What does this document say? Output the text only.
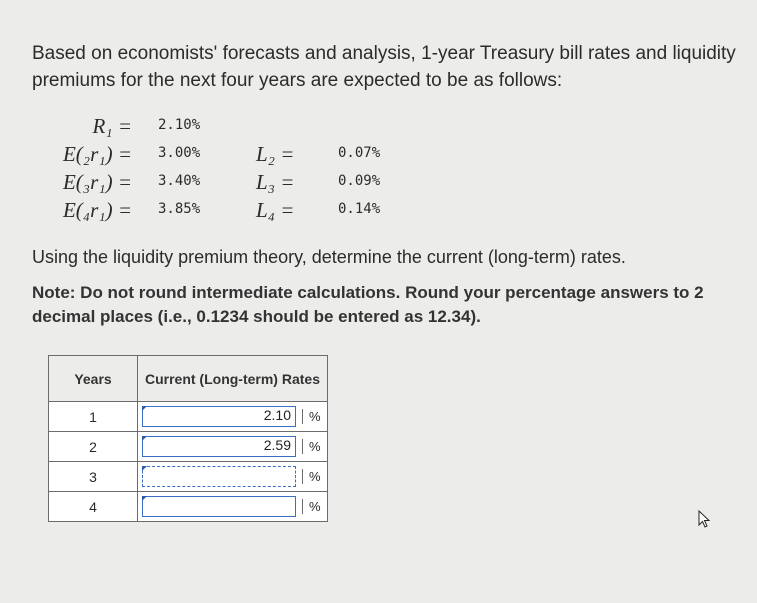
Based on economists' forecasts and analysis, 1-year Treasury bill rates and liquidity premiums for the next four years are expected to be as follows:
R₁ = 2.10%
E(₂r₁) = 3.00%	L₂ =	0.07%
E(₃r₁) = 3.40%	L₃ =	0.09%
E(₄r₁) = 3.85%	L₄ =	0.14%
Using the liquidity premium theory, determine the current (long-term) rates.
Note: Do not round intermediate calculations. Round your percentage answers to 2 decimal places (i.e., 0.1234 should be entered as 12.34).
Years	Current (Long-term) Rates
1	2.10 %

2	2.59 %

3	%

4	%
